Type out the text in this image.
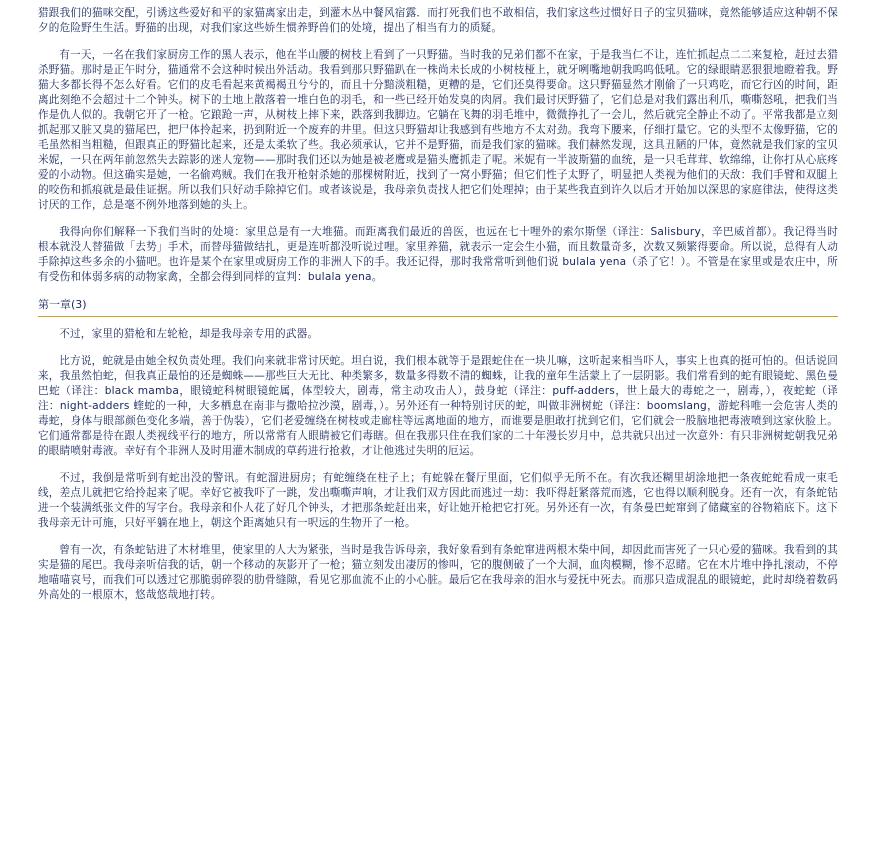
猎跟我们的猫咪交配，引诱这些爱好和平的家猫离家出走，到灌木丛中餐风宿露．而打死我们也不敢相信，我们家这些过惯好日子的宝贝猫咪，竟然能够适应这种朝不保夕的危险野生生活。野猫的出现，对我们家这些娇生惯养野兽们的处境，提出了相当有力的质疑。

有一天，一名在我们家厨房工作的黑人表示，他在半山腰的树枝上看到了一只野猫。当时我的兄弟们都不在家，于是我当仁不让，连忙抓起点二二来复枪，赶过去猎杀野猫。那时是正午时分，猫通常不会这种时候出外活动。我看到那只野猫趴在一株尚未长成的小树枝桠上，就牙咧嘴地朝我呜呜低吼。它的绿眼睛恶狠狠地瞪着我。野猫大多都长得不怎么好看。它们的皮毛看起来黄褐褐丑兮兮的，而且十分黯淡粗糙，更糟的是，它们还臭得要命。这只野猫显然才刚偷了一只鸡吃，而它行凶的时间，距离此刻绝不会超过十二个钟头。树下的土地上散落着一堆白色的羽毛，和一些已经开始发臭的肉屑。我们最讨厌野猫了，它们总是对我们露出利爪，嘶嘶怒吼，把我们当作是仇人似的。我朝它开了一枪。它踉跄一声，从树枝上摔下来，跌落到我脚边。它躺在飞舞的羽毛堆中，微微挣扎了一会儿，然后就完全静止不动了。平常我都是立刻抓起那又脏又臭的猫尾巴，把尸体拎起来，扔到附近一个废弃的井里。但这只野猫却让我感到有些地方不太对劲。我弯下腰来，仔细打量它。它的头型不太像野猫，它的毛虽然相当粗糙，但跟真正的野猫比起来，还是太柔软了些。我必须承认，它并不是野猫，而是我们家的猫咪。我们赫然发现，这具丑陋的尸体，竟然就是我们家的宝贝米妮，一只在两年前忽然失去踪影的迷人宠物——那时我们还以为她是被老鹰或是猫头鹰抓走了呢。米妮有一半波斯猫的血统，是一只毛茸茸、软绵绵，让你打从心底疼爱的小动物。但这确实是她，一名偷鸡贼。我们在我开枪射杀她的那棵树附近，找到了一窝小野猫；但它们性子太野了，明显把人类视为他们的天敌：我们手臂和双腿上的咬伤和抓痕就是最佳证据。所以我们只好动手除掉它们。或者该说是，我母亲负责找人把它们处理掉；由于某些我直到许久以后才开始加以深思的家庭律法，使得这类讨厌的工作，总是毫不例外地落到她的头上。

我得向你们解释一下我们当时的处境：家里总是有一大堆猫。而距离我们最近的兽医，也远在七十哩外的索尔斯堡（译注：Salisbury，辛巴威首都）。我记得当时根本就没人替猫做「去势」手术，而替母猫做结扎，更是连听都没听说过哩。家里养猫，就表示一定会生小猫，而且数量奇多，次数又频繁得要命。所以说，总得有人动手除掉这些多余的小猫吧。也许是某个在家里或厨房工作的非洲人下的手。我还记得，那时我常常听到他们说 bulala yena（杀了它！）。不管是在家里或是农庄中，所有受伤和体弱多病的动物家禽，全都会得到同样的宣判：bulala yena。

第一章(3)

不过，家里的猎枪和左轮枪，却是我母亲专用的武器。

比方说，蛇就是由她全权负责处理。我们向来就非常讨厌蛇。坦白说，我们根本就等于是跟蛇住在一块儿嘛，这听起来相当吓人，事实上也真的挺可怕的。但话说回来，我虽然怕蛇，但我真正最怕的还是蜘蛛——那些巨大无比、种类繁多，数量多得数不清的蜘蛛，让我的童年生活蒙上了一层阴影。我们常看到的蛇有眼镜蛇、黑色曼巴蛇（译注：black mamba，眼镜蛇科树眼镜蛇属，体型较大，剧毒，常主动攻击人），鼓身蛇（译注：puff-adders，世上最大的毒蛇之一，剧毒，），夜蛇蛇（译注：night-adders 蝰蛇的一种，大多栖息在南非与撒哈拉沙漠，剧毒，）。另外还有一种特别讨厌的蛇，叫做非洲树蛇（译注：boomslang，游蛇科唯一会危害人类的毒蛇，身体与眼部颜色变化多端，善于伪装），它们老爱缠绕在树枝或走廊柱等远离地面的地方，而谁要是胆敢打扰到它们，它们就会一股脑地把毒液喷到这家伙脸上。它们通常都是待在跟人类视线平行的地方，所以常常有人眼睛被它们毒瞎。但在我那只住在我们家的二十年漫长岁月中，总共就只出过一次意外：有只非洲树蛇朝我兄弟的眼睛喷射毒液。幸好有个非洲人及时用灌木制成的草药进行抢救，才让他逃过失明的厄运。

不过，我倒是常听到有蛇出没的警讯。有蛇溜进厨房；有蛇缠绕在柱子上；有蛇躲在餐厅里面，它们似乎无所不在。有次我还糊里胡涂地把一条夜蛇蛇看成一束毛线，差点儿就把它给拎起来了呢。幸好它被我吓了一跳，发出嘶嘶声响，才让我们双方因此而逃过一劫：我吓得赶紧落荒而逃，它也得以顺利脱身。还有一次，有条蛇钻进一个装满纸张文件的写字台。我母亲和仆人花了好几个钟头，才把那条蛇赶出来，好让她开枪把它打死。另外还有一次，有条曼巴蛇窜到了储藏室的谷物箱底下。这下我母亲无计可施，只好平躺在地上，朝这个距离她只有一呎远的生物开了一枪。

曾有一次，有条蛇钻进了木材堆里，使家里的人大为紧张，当时是我告诉母亲，我好象看到有条蛇窜进两根木柴中间，却因此而害死了一只心爱的猫咪。我看到的其实是猫的尾巴。我母亲听信我的话，朝一个移动的灰影开了一枪；猫立刻发出凄厉的惨叫，它的腹侧破了一个大洞，血肉模糊，惨不忍睹。它在木片堆中挣扎滚动，不停地喵喵哀号，而我们可以透过它那脆弱碎裂的肋骨缝隙，看见它那血流不止的小心脏。最后它在我母亲的泪水与爱抚中死去。而那只造成混乱的眼镜蛇，此时却绕着数码外高处的一根原木，悠哉悠哉地打转。
